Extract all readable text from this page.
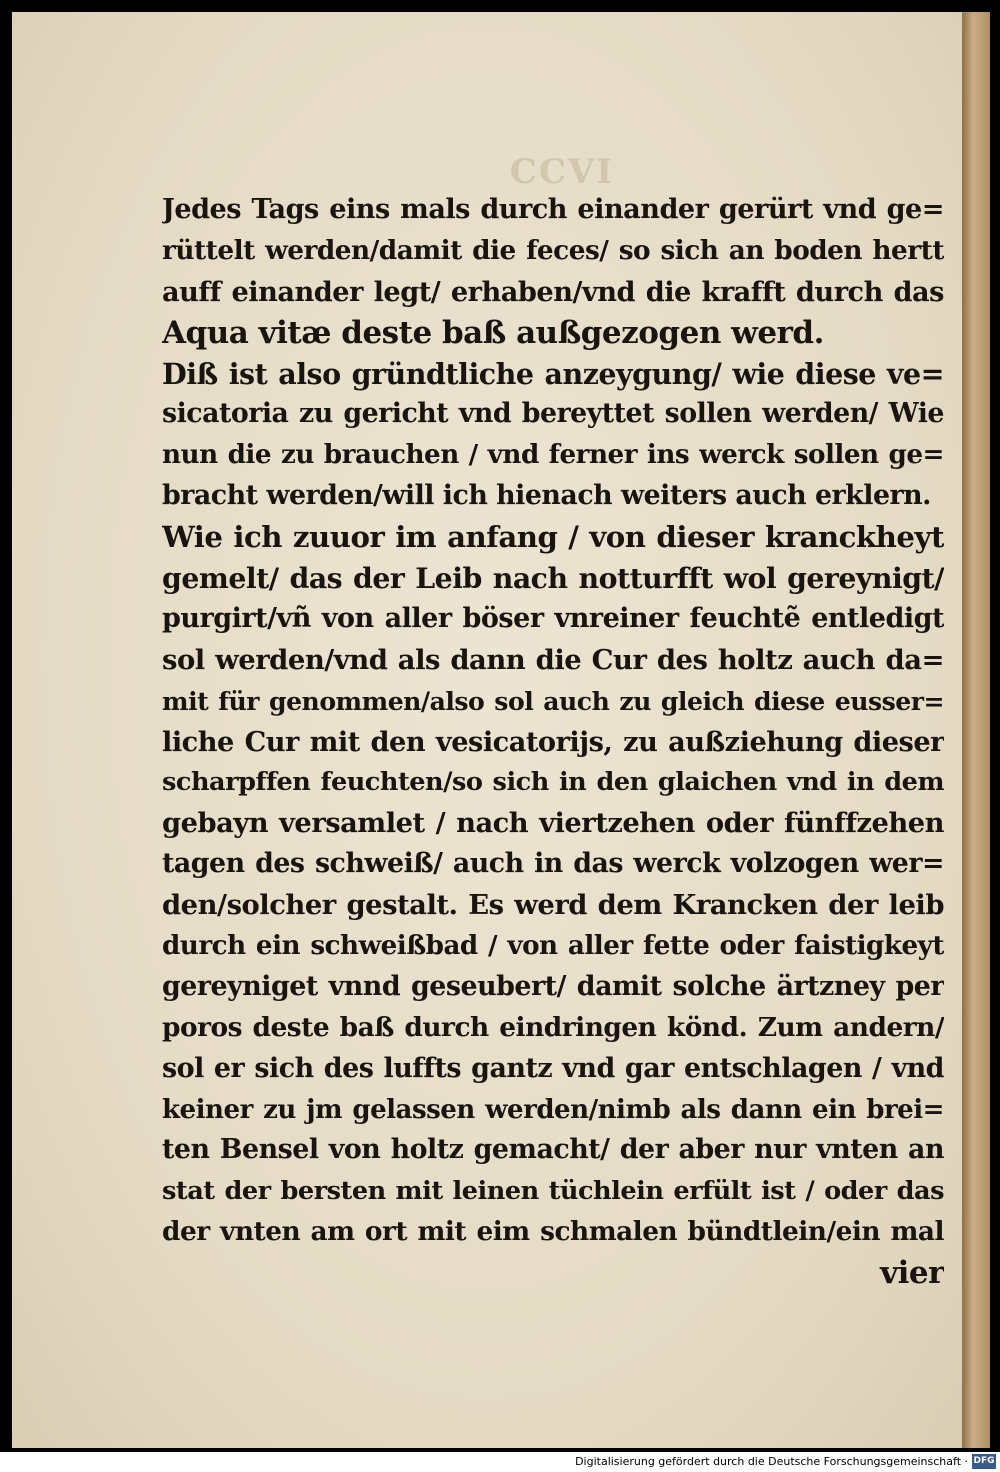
CCVI
Jedes Tags eins mals durch einander gerürt vnd ge=
rüttelt werden/damit die feces/ so sich an boden hertt
auff einander legt/ erhaben/vnd die krafft durch das
Aqua vitæ deste baß außgezogen werd.
Diß ist also gründtliche anzeygung/ wie diese ve=
sicatoria zu gericht vnd bereyttet sollen werden/ Wie
nun die zu brauchen / vnd ferner ins werck sollen ge=
bracht werden/will ich hienach weiters auch erklern.
Wie ich zuuor im anfang / von dieser kranckheyt
gemelt/ das der Leib nach notturfft wol gereynigt/
purgirt/vñ von aller böser vnreiner feuchtẽ entledigt
sol werden/vnd als dann die Cur des holtz auch da=
mit für genommen/also sol auch zu gleich diese eusser=
liche Cur mit den vesicatorijs, zu außziehung dieser
scharpffen feuchten/so sich in den glaichen vnd in dem
gebayn versamlet / nach viertzehen oder fünffzehen
tagen des schweiß/ auch in das werck volzogen wer=
den/solcher gestalt. Es werd dem Krancken der leib
durch ein schweißbad / von aller fette oder faistigkeyt
gereyniget vnnd geseubert/ damit solche ärtzney per
poros deste baß durch eindringen könd. Zum andern/
sol er sich des luffts gantz vnd gar entschlagen / vnd
keiner zu jm gelassen werden/nimb als dann ein brei=
ten Bensel von holtz gemacht/ der aber nur vnten an
stat der bersten mit leinen tüchlein erfült ist / oder das
der vnten am ort mit eim schmalen bündtlein/ein mal
vier
Digitalisierung gefördert durch die Deutsche Forschungsgemeinschaft · DFG
